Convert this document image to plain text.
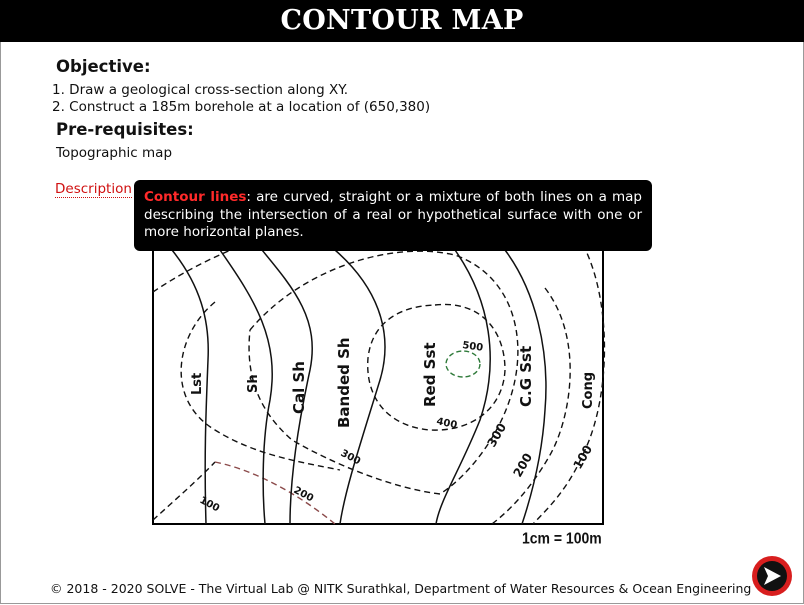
CONTOUR MAP
Objective:
1. Draw a geological cross-section along XY.
2. Construct a 185m borehole at a location of (650,380)
Pre-requisites:
Topographic map
Description
Lst	Sh Cal Sh Banded Sh	Red Sst	C.G Sst	Cong
100
200
300
400
500
300
200	100
1cm = 100m
Contour lines: are curved, straight or a mixture of both lines on a map describing the intersection of a real or hypothetical surface with one or more horizontal planes.
© 2018 - 2020 SOLVE - The Virtual Lab @ NITK Surathkal, Department of Water Resources & Ocean Engineering
